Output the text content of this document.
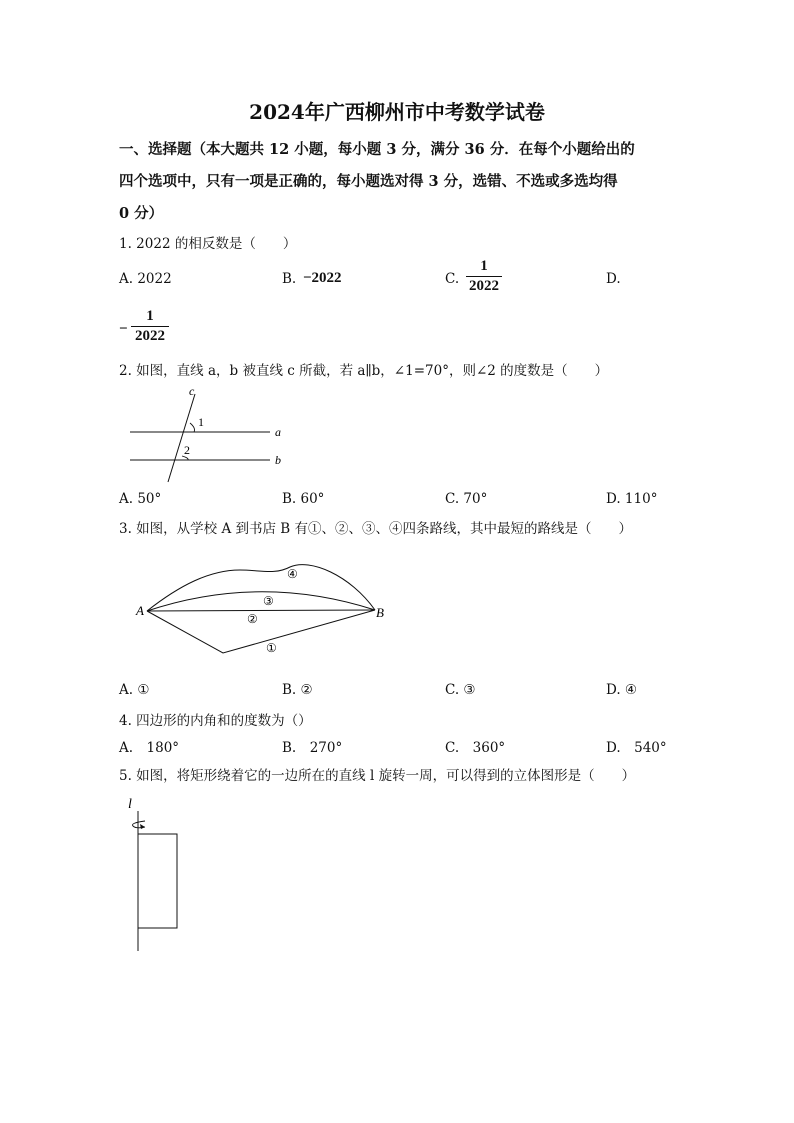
2024年广西柳州市中考数学试卷
一、选择题（本大题共 12 小题，每小题 3 分，满分 36 分．在每个小题给出的
四个选项中，只有一项是正确的，每小题选对得 3 分，选错、不选或多选均得
0 分）
1. 2022 的相反数是（　　）
A. 2022	B. −2022	C.
1
2022	D.
−
1
2022
2. 如图，直线 a，b 被直线 c 所截，若 a∥b，∠1=70°，则∠2 的度数是（　　）
c
1
2
a
b
A. 50°	B. 60°	C. 70°	D. 110°
3. 如图，从学校 A 到书店 B 有①、②、③、④四条路线，其中最短的路线是（　　）
A	B
④
③
②
①
A. ①	B. ②	C. ③	D. ④
4. 四边形的内角和的度数为（）
A.　180°	B.　270°	C.　360°	D.　540°
5. 如图，将矩形绕着它的一边所在的直线 l 旋转一周，可以得到的立体图形是（　　）
l
